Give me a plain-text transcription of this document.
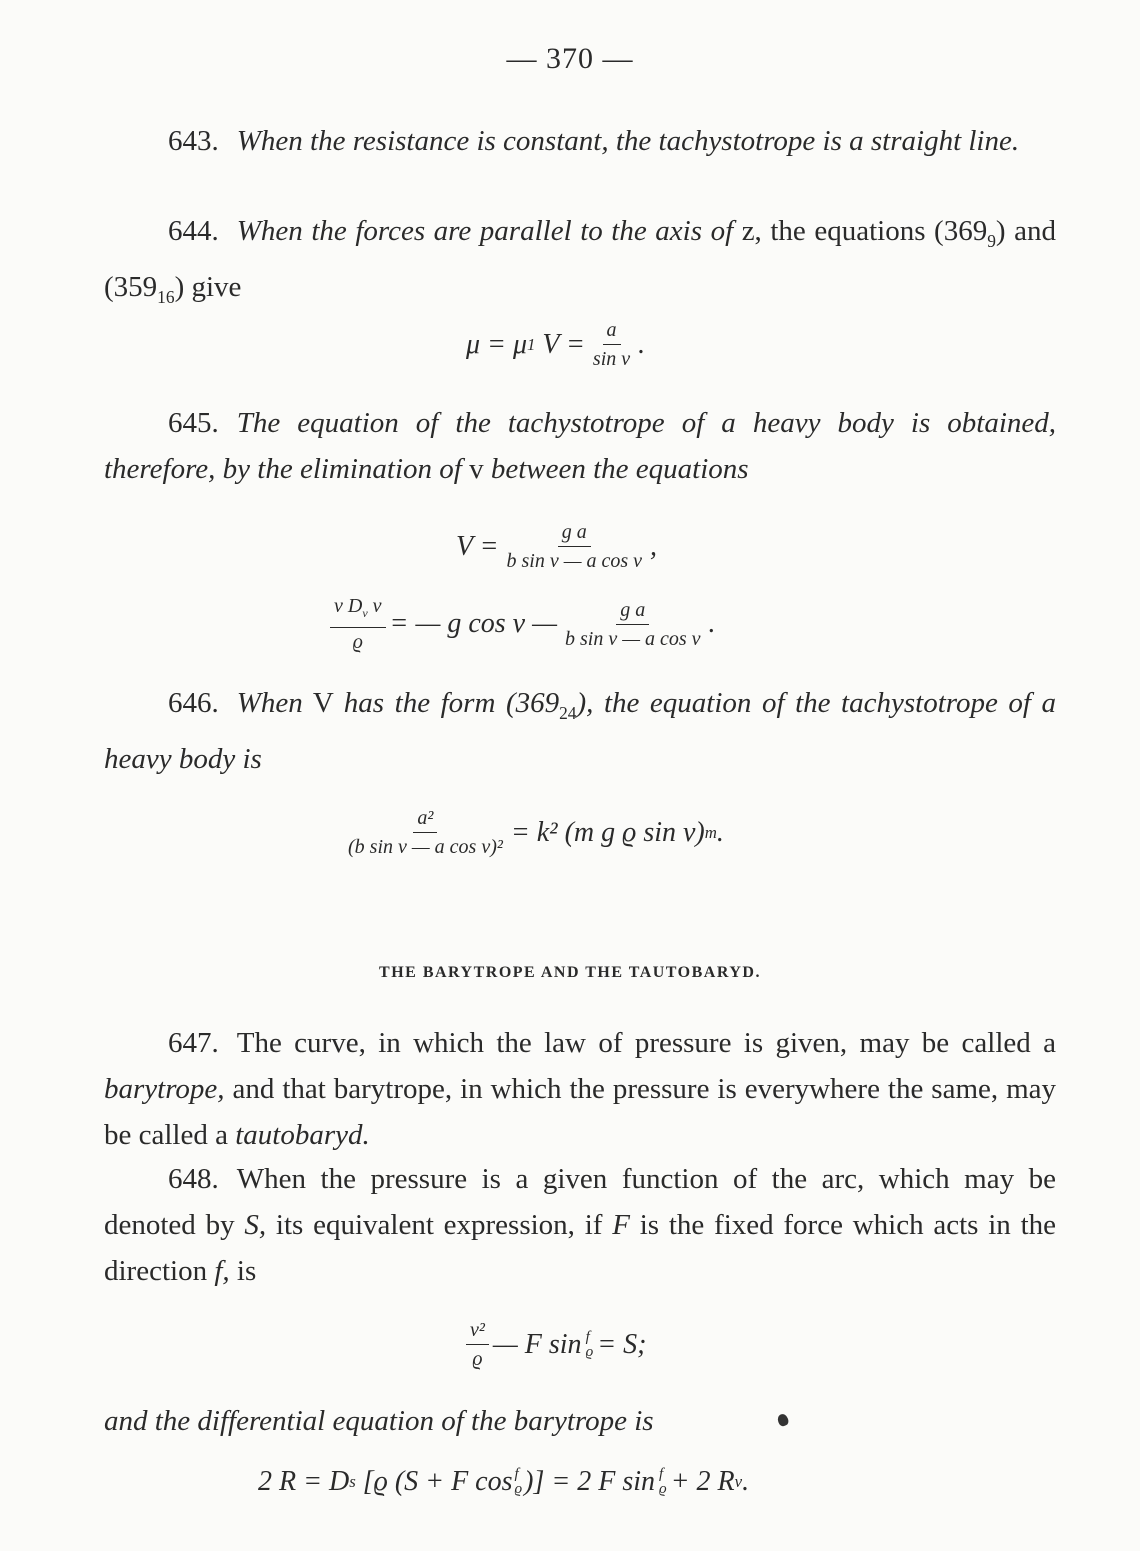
— 370 —
643. When the resistance is constant, the tachystotrope is a straight line.
644. When the forces are parallel to the axis of z, the equations $(369_9)$ and $(359_{16})$ give
μ = μ 1
$V = \frac{a}{\text{sin ν}}$ .
645. The equation of the tachystotrope of a heavy body is obtained, therefore, by the elimination of v between the equations
$V = \frac{\text{g a}}{\text{b sin ν — a cos ν}}$ ,
$\frac{v D_\nu v}{ϱ}$ = — g cos ν — $\frac{\text{g a}}{\text{b sin ν — a cos ν}}$ .
646. When V has the form $(369_{24})$, the equation of the tachystotrope of a heavy body is
$\frac{\text{a²}}{\text{(b sin ν — a cos ν)²}} = k^2$ (m g ϱ sin ν) m .
THE BARYTROPE AND THE TAUTOBARYD.
647. The curve, in which the law of pressure is given, may be called a barytrope, and that barytrope, in which the pressure is everywhere the same, may be called a tautobaryd.
648. When the pressure is a given function of the arc, which may be denoted by S, its equivalent expression, if F is the fixed force which acts in the direction f, is
$\frac{\text{v²}}{ϱ}$ — F sin f
ϱ = S;
and the differential equation of the barytrope is
2 R = D s
[ϱ (S + F cos f
ϱ )] = 2 F sin f
ϱ + 2 R ν .
